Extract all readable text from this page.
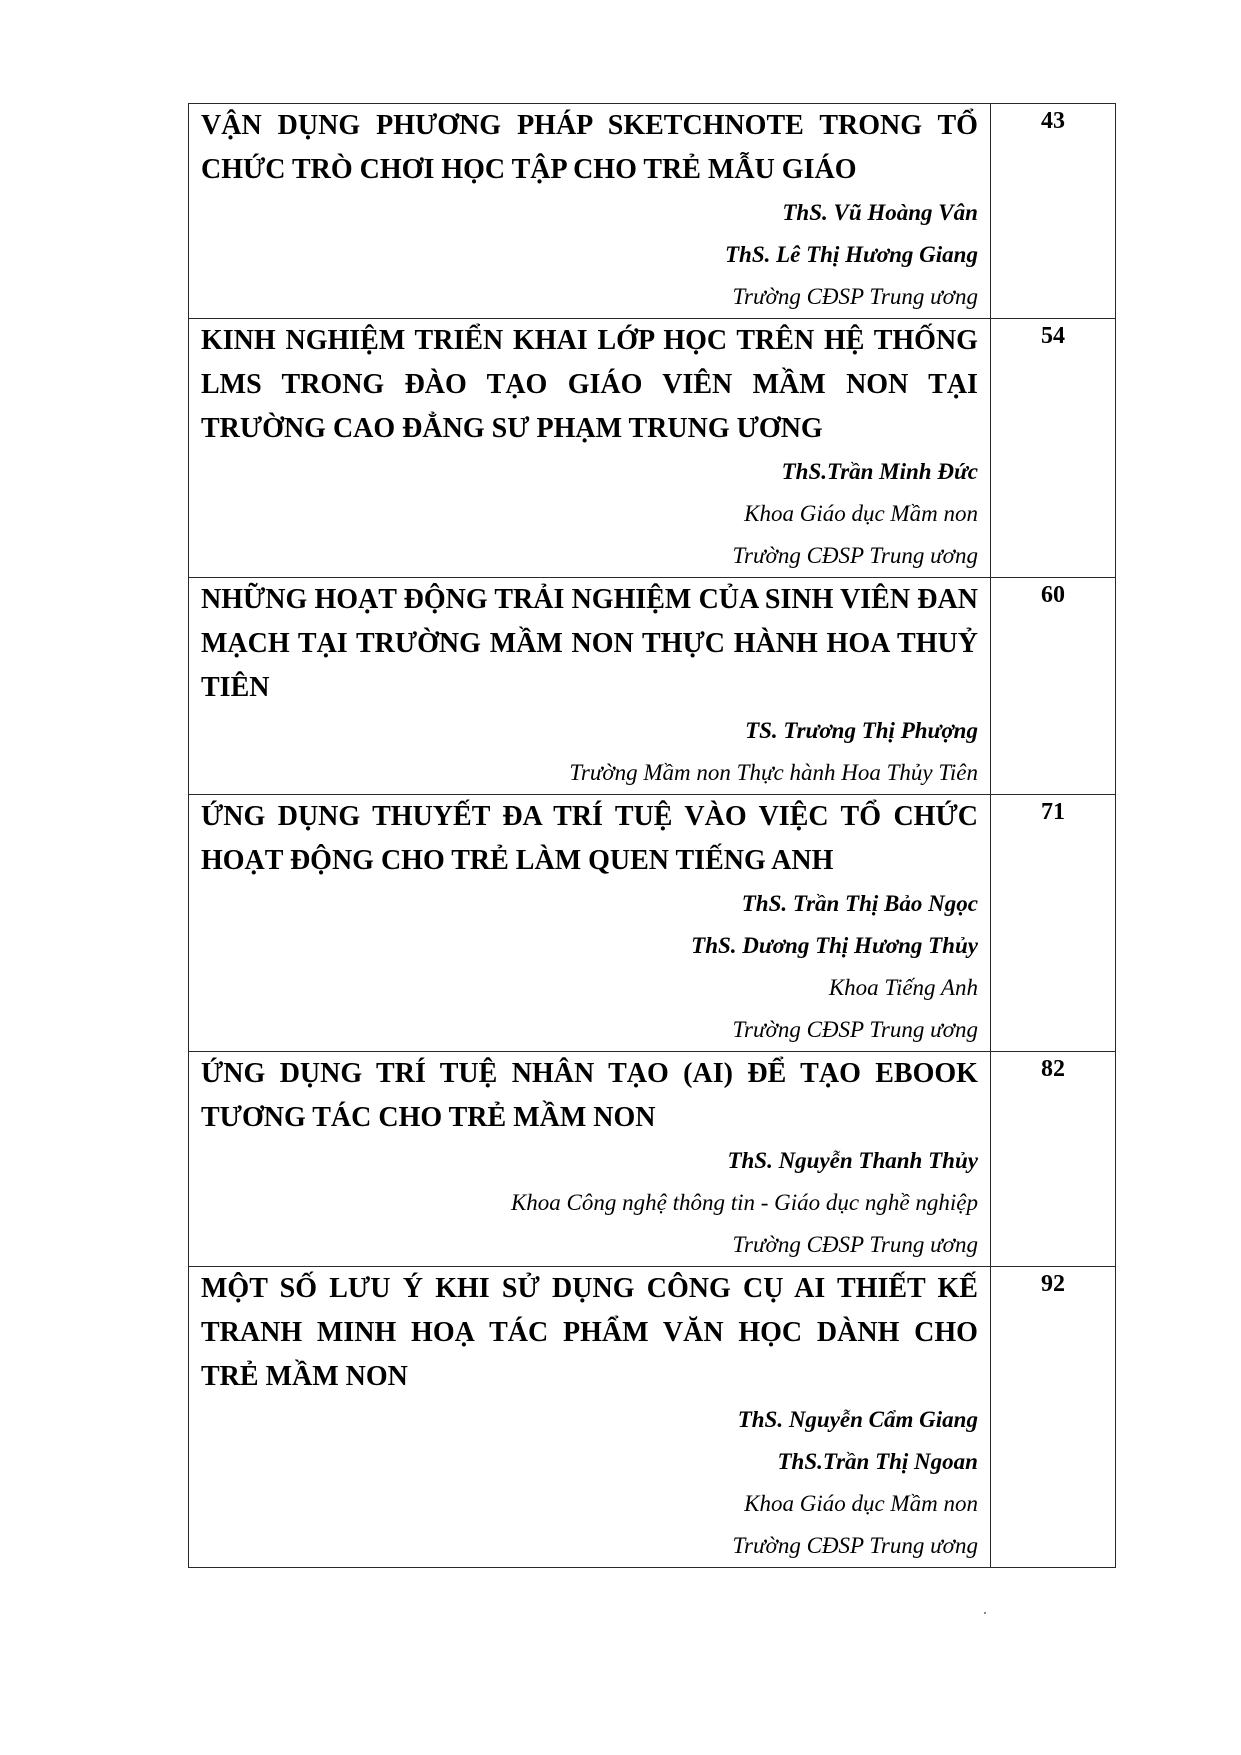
VẬN DỤNG PHƯƠNG PHÁP SKETCHNOTE TRONG TỔ CHỨC TRÒ CHƠI HỌC TẬP CHO TRẺ MẪU GIÁO
ThS. Vũ Hoàng Vân
ThS. Lê Thị Hương Giang
Trường CĐSP Trung ương	43

KINH NGHIỆM TRIỂN KHAI LỚP HỌC TRÊN HỆ THỐNG LMS TRONG ĐÀO TẠO GIÁO VIÊN MẦM NON TẠI TRƯỜNG CAO ĐẲNG SƯ PHẠM TRUNG ƯƠNG
ThS.Trần Minh Đức
Khoa Giáo dục Mầm non
Trường CĐSP Trung ương	54

NHỮNG HOẠT ĐỘNG TRẢI NGHIỆM CỦA SINH VIÊN ĐAN MẠCH TẠI TRƯỜNG MẦM NON THỰC HÀNH HOA THUỶ TIÊN
TS. Trương Thị Phượng
Trường Mầm non Thực hành Hoa Thủy Tiên	60

ỨNG DỤNG THUYẾT ĐA TRÍ TUỆ VÀO VIỆC TỔ CHỨC HOẠT ĐỘNG CHO TRẺ LÀM QUEN TIẾNG ANH
ThS. Trần Thị Bảo Ngọc
ThS. Dương Thị Hương Thủy
Khoa Tiếng Anh
Trường CĐSP Trung ương	71

ỨNG DỤNG TRÍ TUỆ NHÂN TẠO (AI) ĐỂ TẠO EBOOK TƯƠNG TÁC CHO TRẺ MẦM NON
ThS. Nguyễn Thanh Thủy
Khoa Công nghệ thông tin - Giáo dục nghề nghiệp
Trường CĐSP Trung ương	82

MỘT SỐ LƯU Ý KHI SỬ DỤNG CÔNG CỤ AI THIẾT KẾ TRANH MINH HOẠ TÁC PHẨM VĂN HỌC DÀNH CHO TRẺ MẦM NON
ThS. Nguyễn Cẩm Giang
ThS.Trần Thị Ngoan
Khoa Giáo dục Mầm non
Trường CĐSP Trung ương	92
